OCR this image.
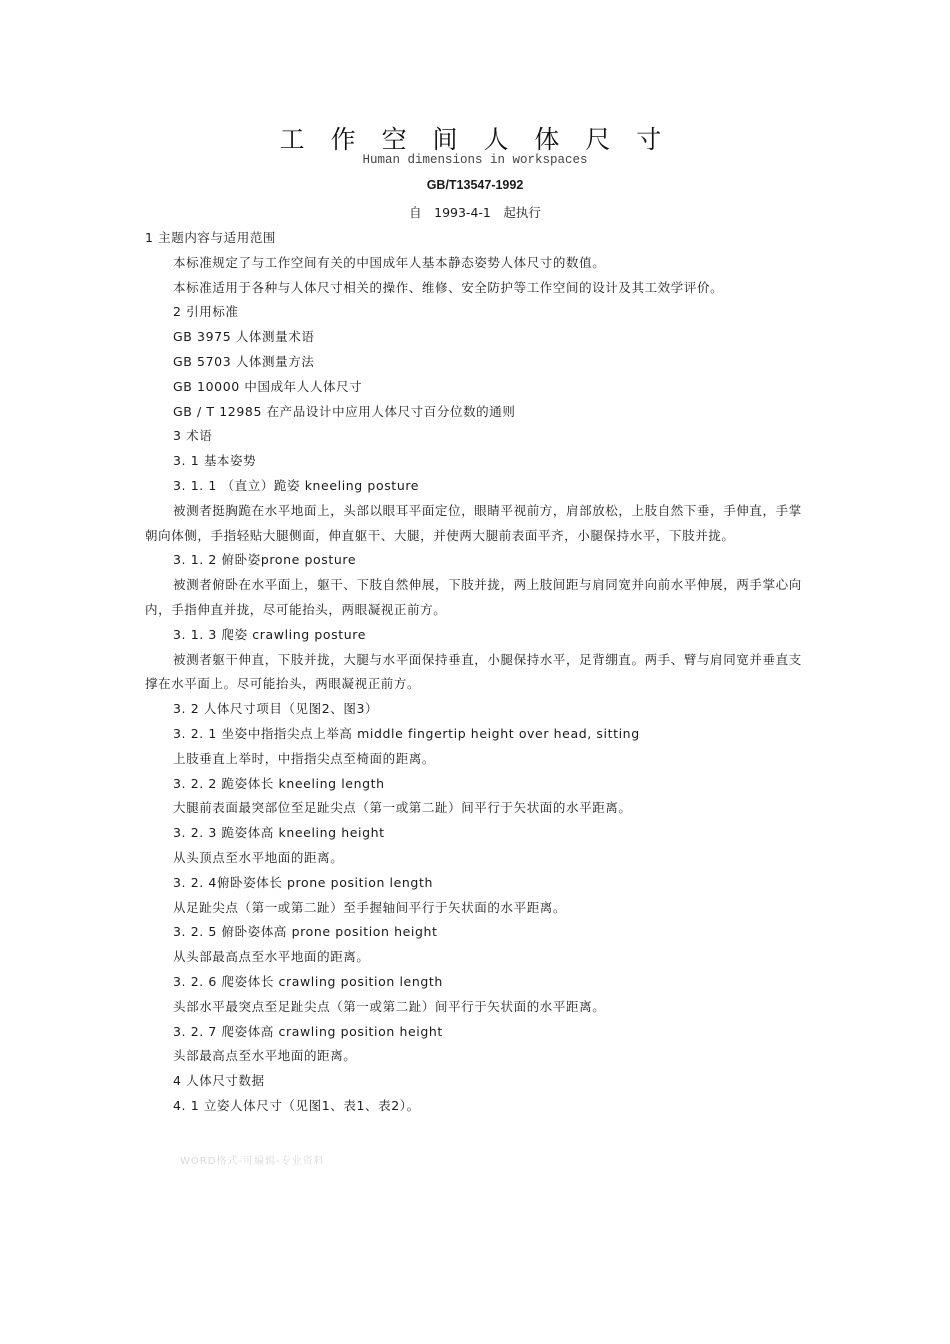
工 作 空 间 人 体 尺 寸
Human dimensions in workspaces
GB/T13547-1992
自　1993-4-1　起执行

1 主题内容与适用范围

本标准规定了与工作空间有关的中国成年人基本静态姿势人体尺寸的数值。

本标准适用于各种与人体尺寸相关的操作、维修、安全防护等工作空间的设计及其工效学评价。

2 引用标准

GB 3975 人体测量术语

GB 5703 人体测量方法

GB 10000 中国成年人人体尺寸

GB / T 12985 在产品设计中应用人体尺寸百分位数的通则

3 术语

3. 1 基本姿势

3. 1. 1 （直立）跪姿 kneeling posture

被测者挺胸跪在水平地面上，头部以眼耳平面定位，眼睛平视前方，肩部放松，上肢自然下垂，手伸直，手掌朝向体侧，手指轻贴大腿侧面，伸直躯干、大腿，并使两大腿前表面平齐，小腿保持水平，下肢并拢。

3. 1. 2 俯卧姿prone posture

被测者俯卧在水平面上，躯干、下肢自然伸展，下肢并拢，两上肢间距与肩同宽并向前水平伸展，两手掌心向内，手指伸直并拢，尽可能抬头，两眼凝视正前方。

3. 1. 3 爬姿 crawling posture

被测者躯干伸直，下肢并拢，大腿与水平面保持垂直，小腿保持水平，足背绷直。两手、臂与肩同宽并垂直支撑在水平面上。尽可能抬头，两眼凝视正前方。

3. 2 人体尺寸项目（见图2、图3）

3. 2. 1 坐姿中指指尖点上举高 middle fingertip height over head, sitting

上肢垂直上举时，中指指尖点至椅面的距离。

3. 2. 2 跪姿体长 kneeling length

大腿前表面最突部位至足趾尖点（第一或第二趾）间平行于矢状面的水平距离。

3. 2. 3 跪姿体高 kneeling height

从头顶点至水平地面的距离。

3. 2. 4俯卧姿体长 prone position length

从足趾尖点（第一或第二趾）至手握轴间平行于矢状面的水平距离。

3. 2. 5 俯卧姿体高 prone position height

从头部最高点至水平地面的距离。

3. 2. 6 爬姿体长 crawling position length

头部水平最突点至足趾尖点（第一或第二趾）间平行于矢状面的水平距离。

3. 2. 7 爬姿体高 crawling position height

头部最高点至水平地面的距离。

4 人体尺寸数据

4. 1 立姿人体尺寸（见图1、表1、表2）。

WORD格式-可编辑-专业资料
